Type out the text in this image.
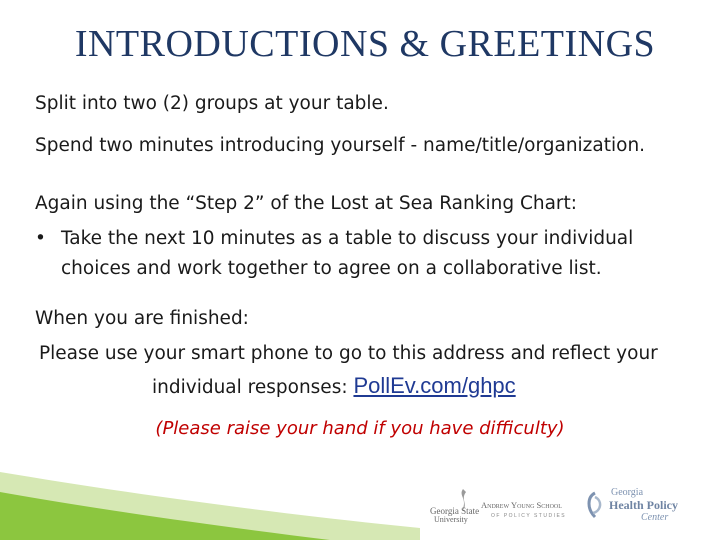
INTRODUCTIONS & GREETINGS
Split into two (2) groups at your table.
Spend two minutes introducing yourself - name/title/organization.
Again using the “Step 2” of the Lost at Sea Ranking Chart:
• Take the next 10 minutes as a table to discuss your individual choices and work together to agree on a collaborative list.
When you are finished:
Please use your smart phone to go to this address and reflect your
individual responses: PollEv.com/ghpc
(Please raise your hand if you have difficulty)
Georgia State
University
Andrew Young School
OF POLICY STUDIES
Georgia
Health Policy
Center
